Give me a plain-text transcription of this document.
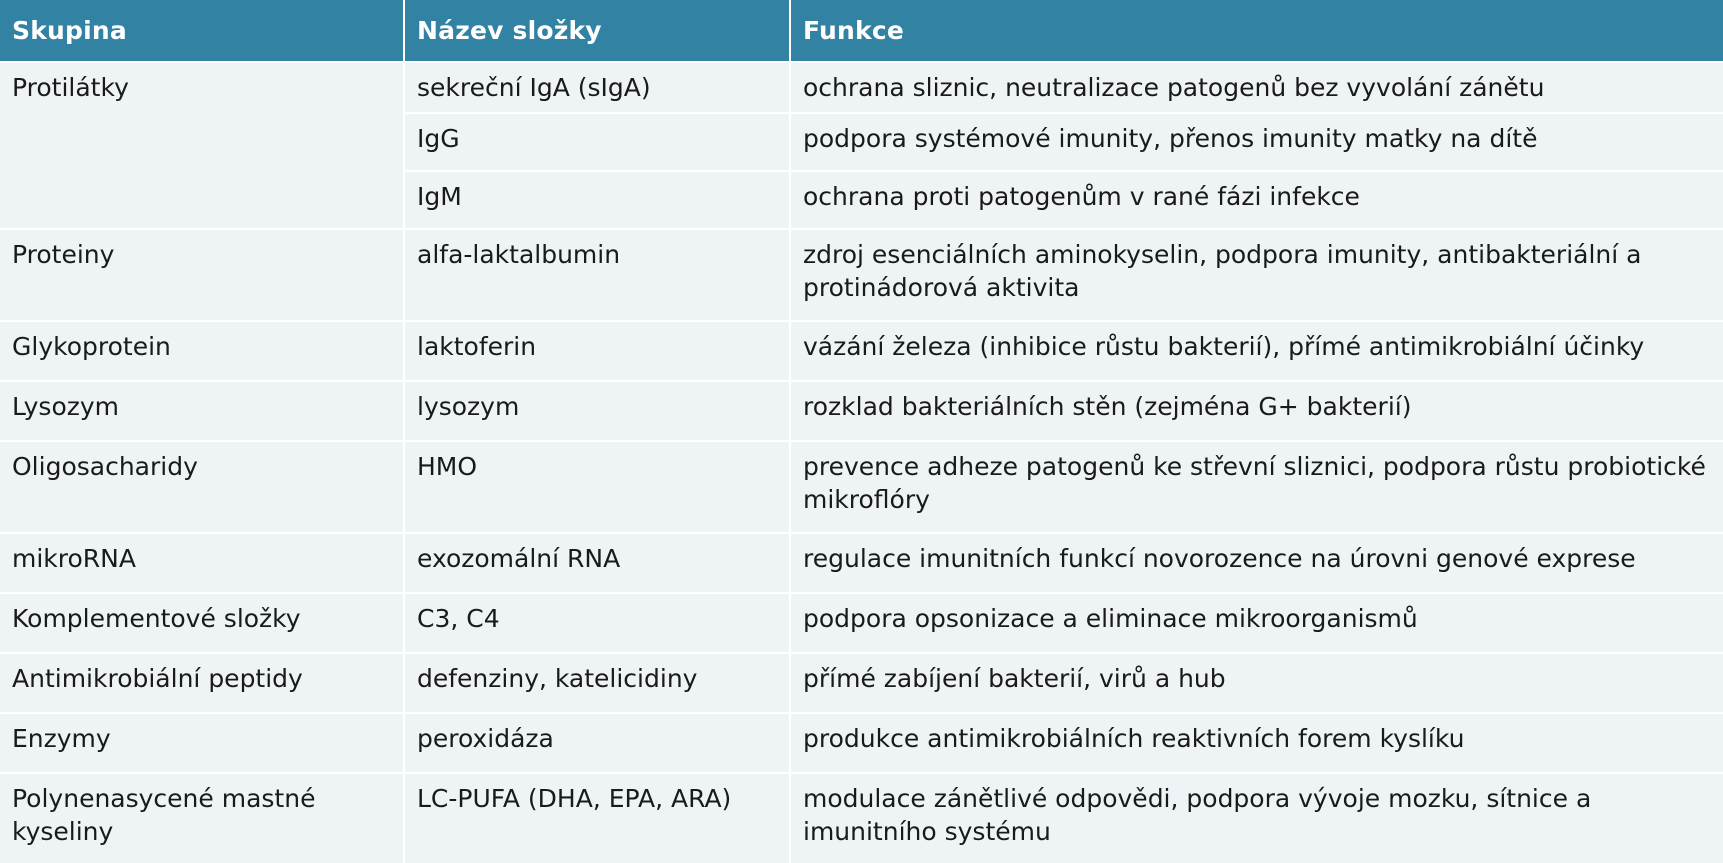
Skupina	Název složky	Funkce
Protilátky	sekreční IgA (sIgA)	ochrana sliznic, neutralizace patogenů bez vyvolání zánětu
	IgG	podpora systémové imunity, přenos imunity matky na dítě
	IgM	ochrana proti patogenům v rané fázi infekce
Proteiny	alfa-laktalbumin	zdroj esenciálních aminokyselin, podpora imunity, antibakteriální a protinádorová aktivita
Glykoprotein	laktoferin	vázání železa (inhibice růstu bakterií), přímé antimikrobiální účinky
Lysozym	lysozym	rozklad bakteriálních stěn (zejména G+ bakterií)
Oligosacharidy	HMO	prevence adheze patogenů ke střevní sliznici, podpora růstu probiotické mikroflóry
mikroRNA	exozomální RNA	regulace imunitních funkcí novorozence na úrovni genové exprese
Komplementové složky	C3, C4	podpora opsonizace a eliminace mikroorganismů
Antimikrobiální peptidy	defenziny, katelicidiny	přímé zabíjení bakterií, virů a hub
Enzymy	peroxidáza	produkce antimikrobiálních reaktivních forem kyslíku
Polynenasycené mastné kyseliny	LC-PUFA (DHA, EPA, ARA)	modulace zánětlivé odpovědi, podpora vývoje mozku, sítnice a imunitního systému
